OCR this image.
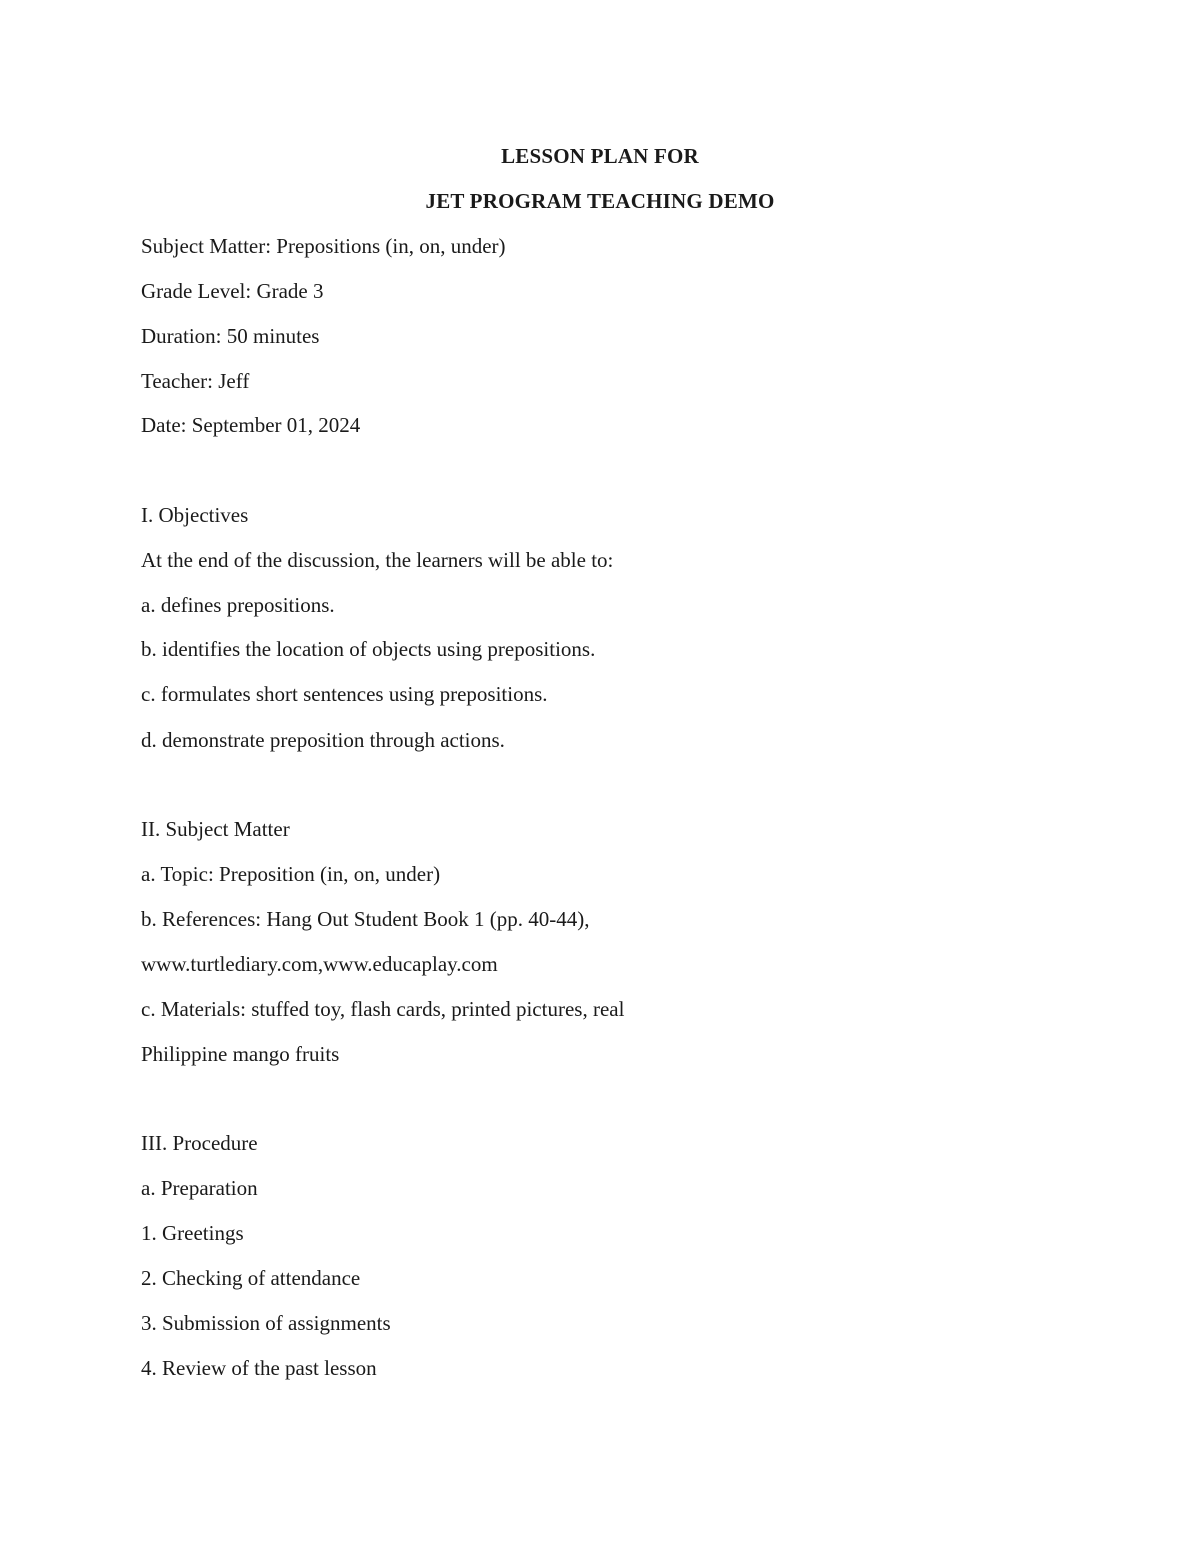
LESSON PLAN FOR
JET PROGRAM TEACHING DEMO
Subject Matter: Prepositions (in, on, under)
Grade Level: Grade 3
Duration: 50 minutes
Teacher: Jeff
Date: September 01, 2024
I. Objectives
At the end of the discussion, the learners will be able to:
a. defines prepositions.
b. identifies the location of objects using prepositions.
c. formulates short sentences using prepositions.
d. demonstrate preposition through actions.
II. Subject Matter
a. Topic: Preposition (in, on, under)
b. References: Hang Out Student Book 1 (pp. 40-44),
www.turtlediary.com,www.educaplay.com
c. Materials: stuffed toy, flash cards, printed pictures, real
Philippine mango fruits
III. Procedure
a. Preparation
1. Greetings
2. Checking of attendance
3. Submission of assignments
4. Review of the past lesson
